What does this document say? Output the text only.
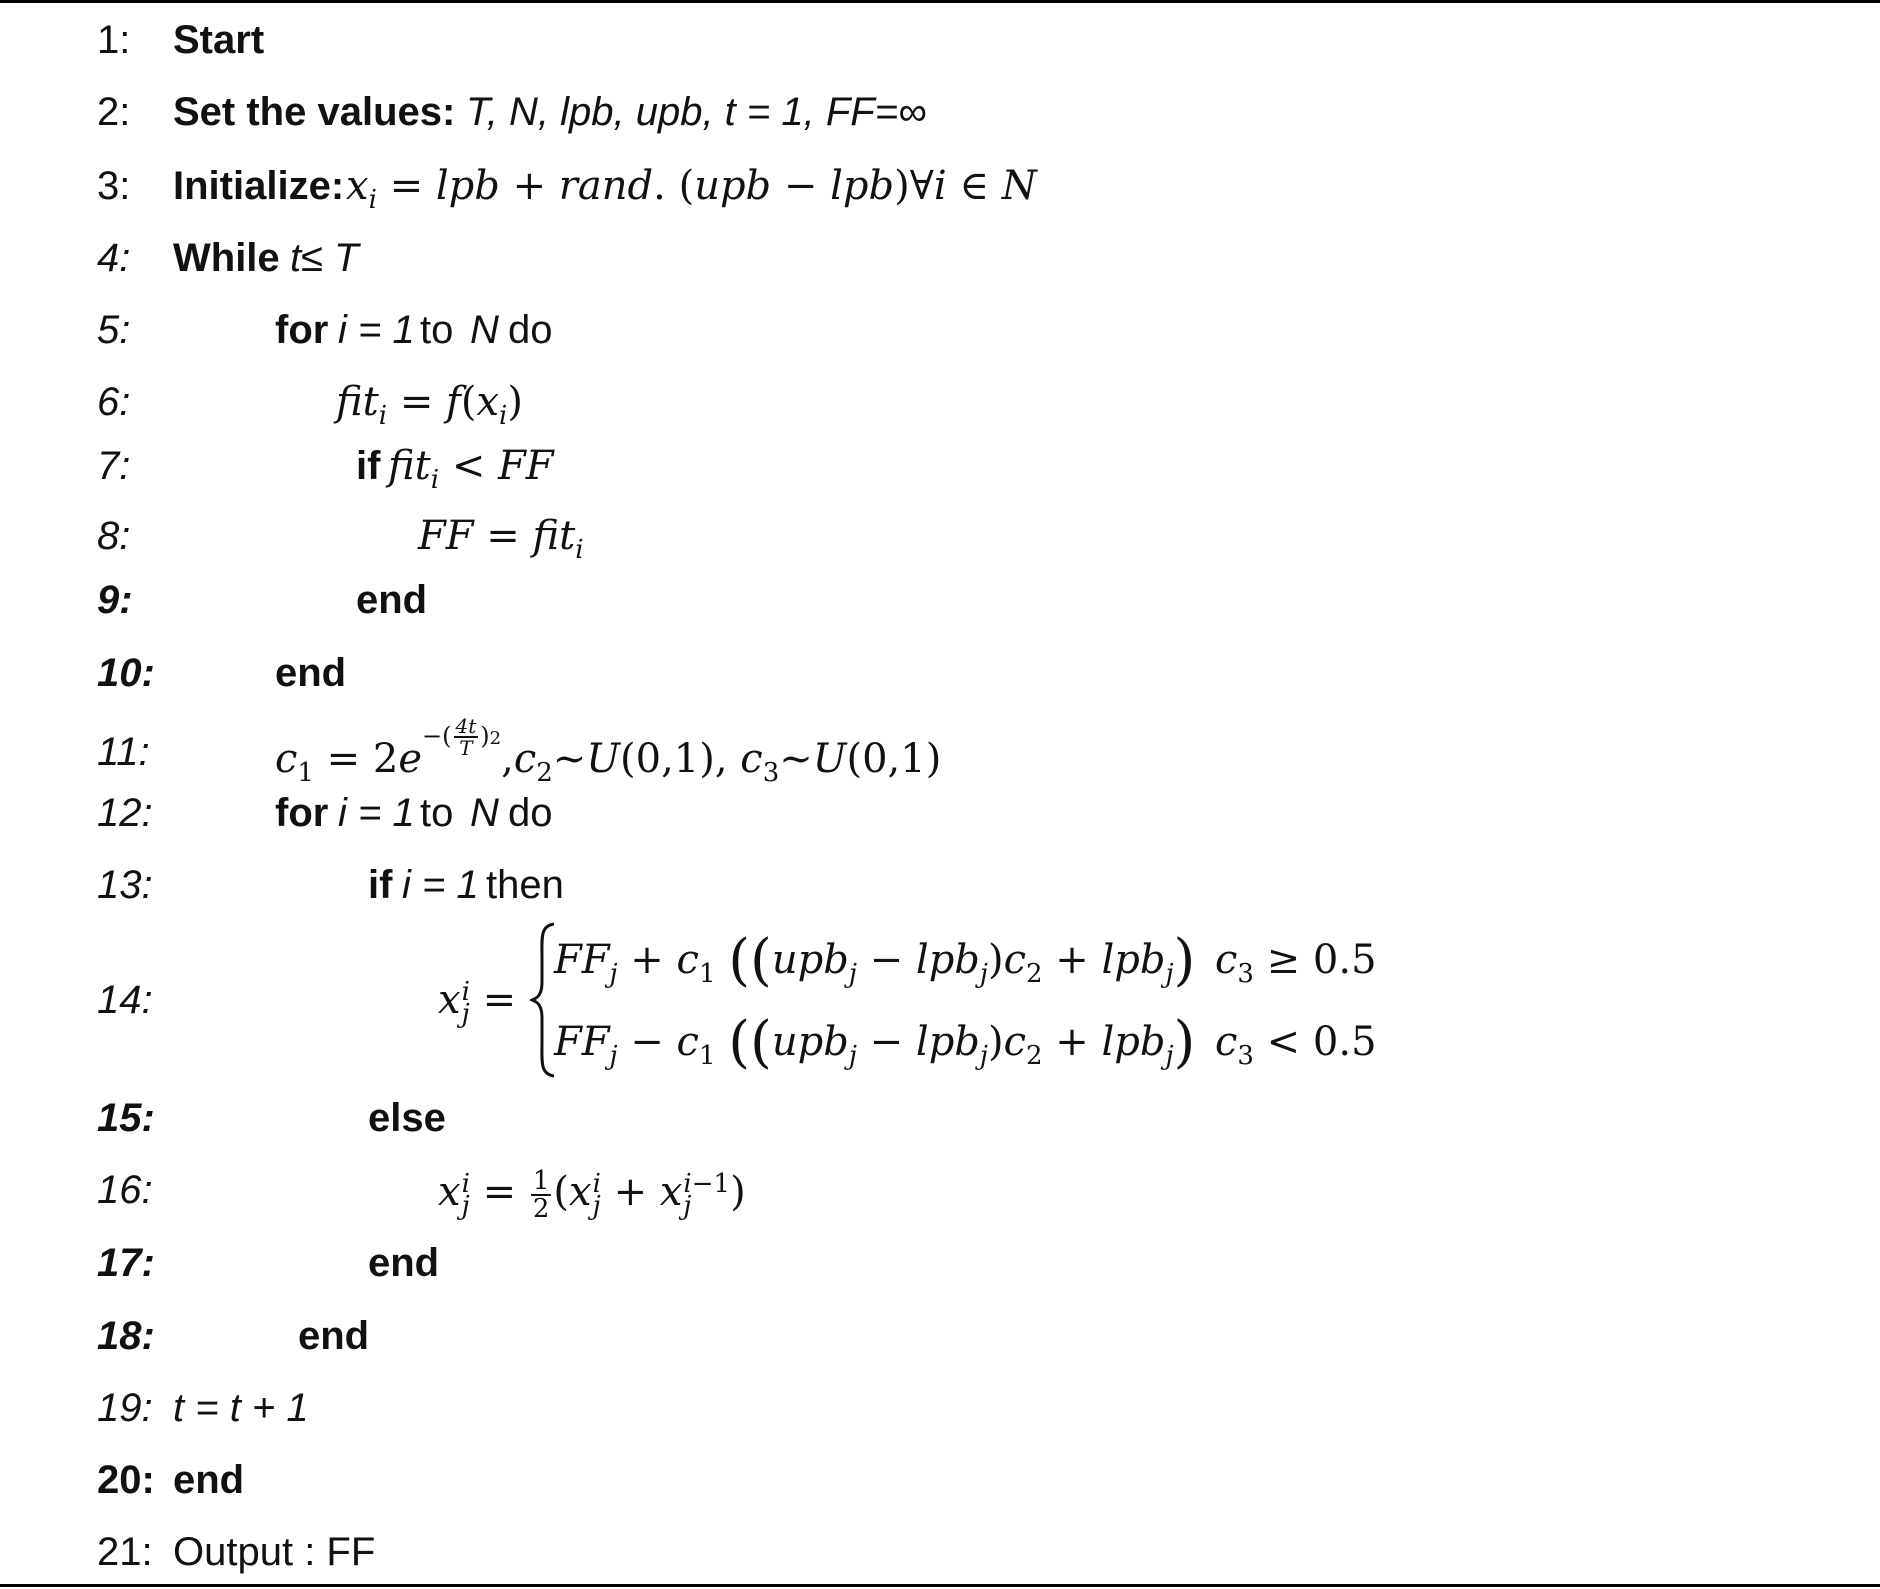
1: Start
2: Set the values: T, N, lpb, upb, t = 1, FF=∞
3: Initialize: $x_i$ = lpb + rand. (upb − lpb)∀i ∈ N
4: While t≤ T
5:	for i = 1 to N do
6:	$fit_i = f(x_i)$
7:	if fit$_i$ < FF
8:	FF = fit$_i$
9:	end
10:	end
11:	$c_1$ = $2e^{-( \frac{4t}{T} )2},c_2\sim U(0,1)$, $c_3\sim U(0,1)$
12:	for i = 1 to N do
13:	if i = 1 then
14:	x i
j =
$FF_j + c_1$ $((upb_j - lpb_j)c_2 + lpb_j)$ $c_3 \ge 0.5$
$FF_j - c_1$ $((upb_j - lpb_j)c_2 + lpb_j)$ $c_3 < 0.5$
15:	else
16:	x i
$j = \frac{1}{2} (x$ i
j + x i−1
j )
17:	end
18:	end
19: t = t + 1
20: end
21: Output : FF
